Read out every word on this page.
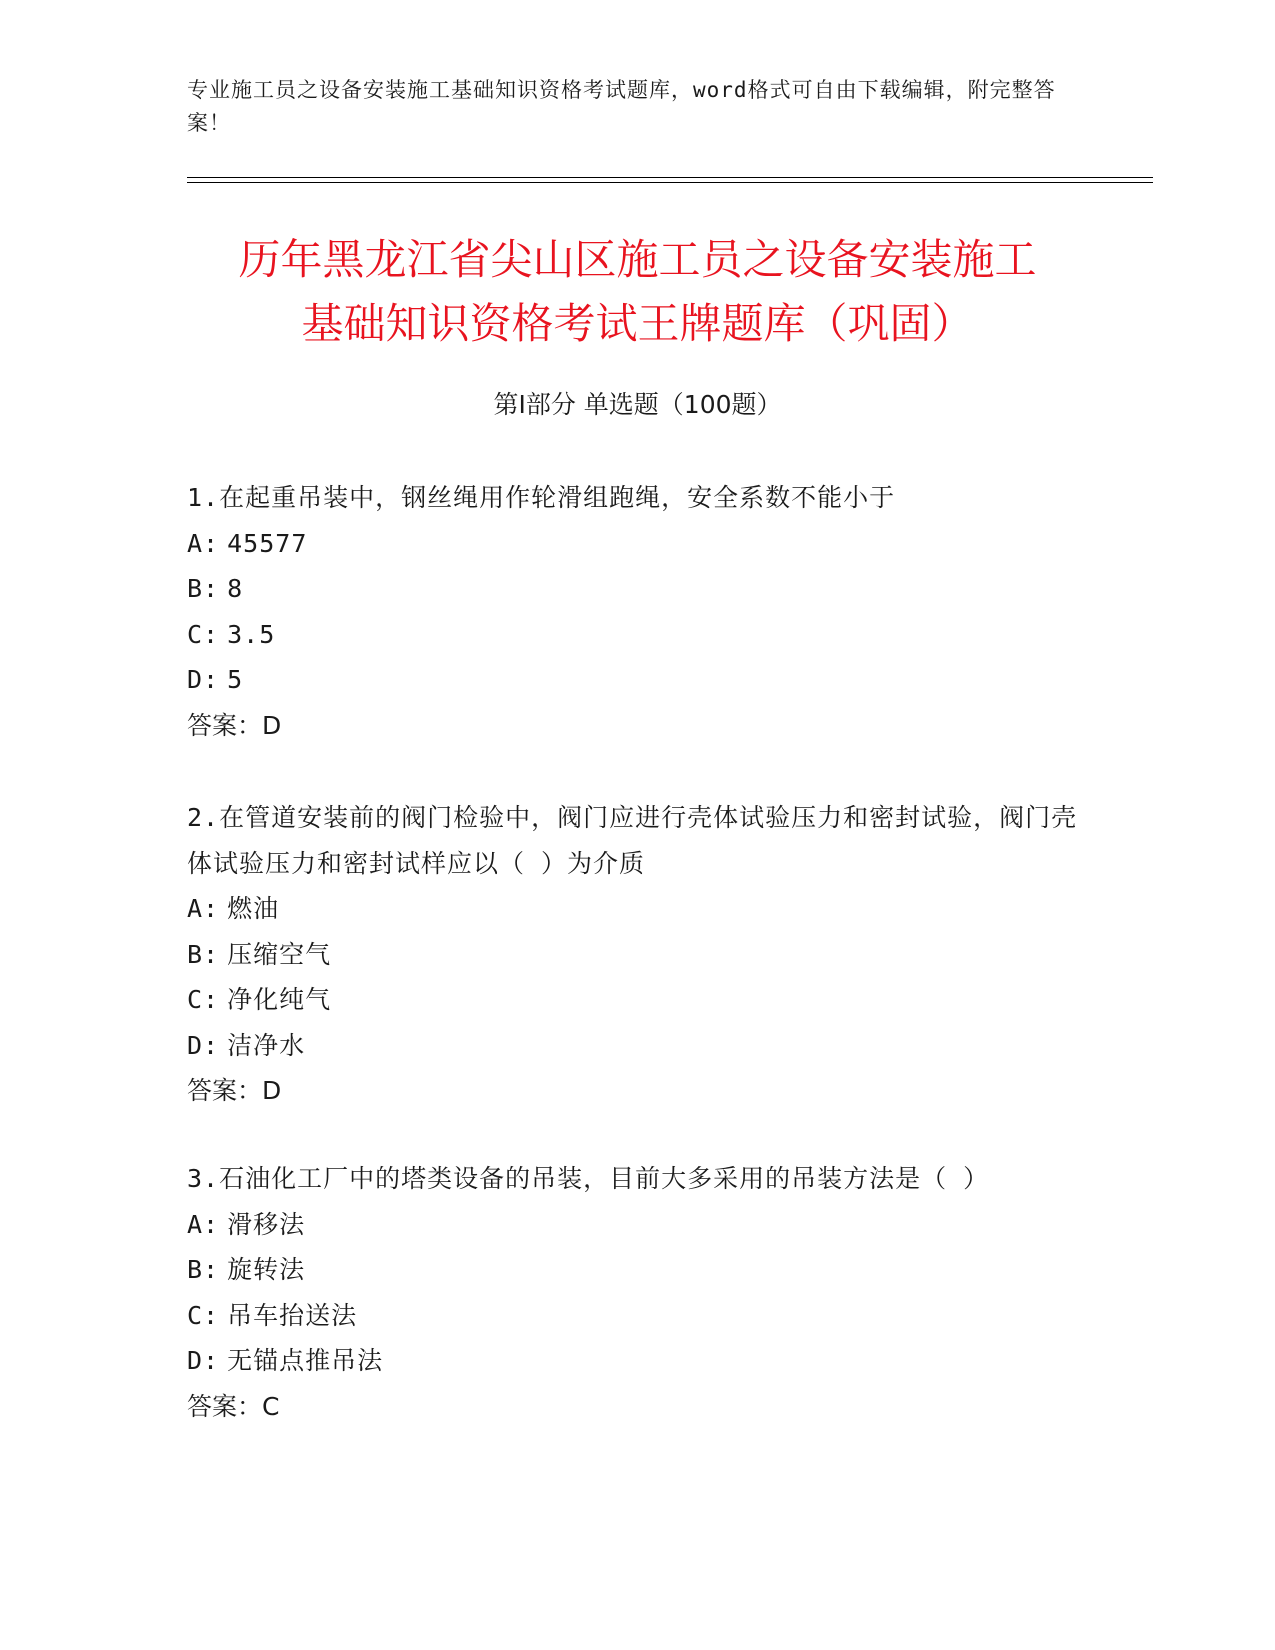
专业施工员之设备安装施工基础知识资格考试题库，word格式可自由下载编辑，附完整答案！
历年黑龙江省尖山区施工员之设备安装施工
基础知识资格考试王牌题库（巩固）
第Ⅰ部分 单选题（100题）

1.在起重吊装中，钢丝绳用作轮滑组跑绳，安全系数不能小于

A: 45577

B: 8

C: 3.5

D: 5

答案：D

2.在管道安装前的阀门检验中，阀门应进行壳体试验压力和密封试验，阀门壳体试验压力和密封试样应以（ ）为介质

A: 燃油

B: 压缩空气

C: 净化纯气

D: 洁净水

答案：D

3.石油化工厂中的塔类设备的吊装，目前大多采用的吊装方法是（ ）

A: 滑移法

B: 旋转法

C: 吊车抬送法

D: 无锚点推吊法

答案：C
